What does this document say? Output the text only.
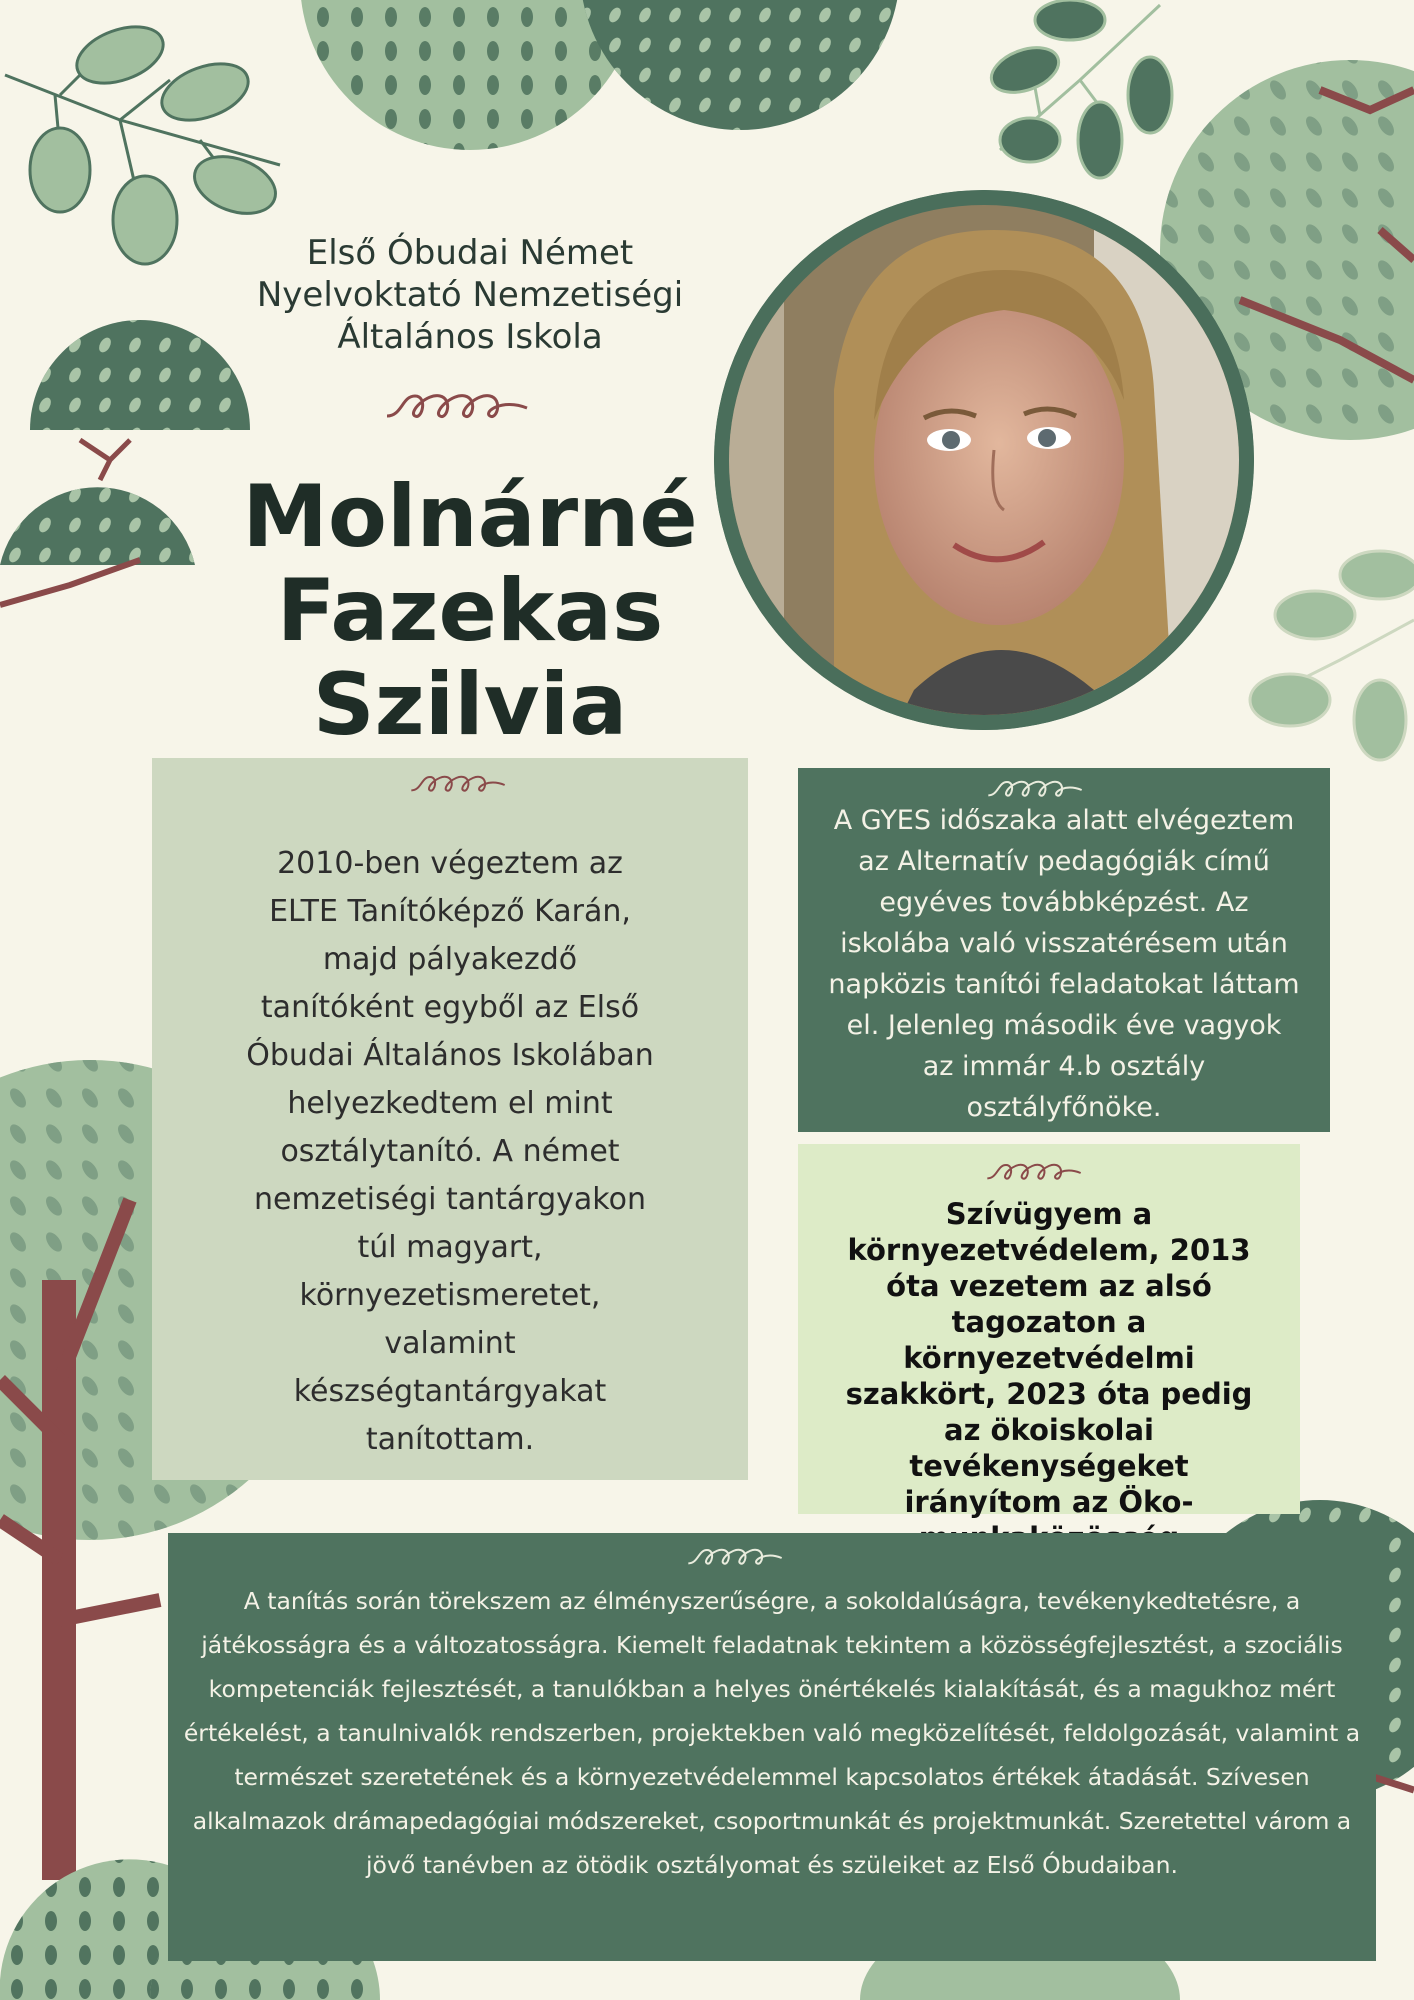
Első Óbudai Német Nyelvoktató Nemzetiségi Általános Iskola
Molnárné Fazekas Szilvia

2010-ben végeztem az ELTE Tanítóképző Karán, majd pályakezdő tanítóként egyből az Első Óbudai Általános Iskolában helyezkedtem el mint osztálytanító. A német nemzetiségi tantárgyakon túl magyart, környezetismeretet, valamint készségtantárgyakat tanítottam.

A GYES időszaka alatt elvégeztem az Alternatív pedagógiák című egyéves továbbképzést. Az iskolába való visszatérésem után napközis tanítói feladatokat láttam el. Jelenleg második éve vagyok az immár 4.b osztály osztályfőnöke.

Szívügyem a környezetvédelem, 2013 óta vezetem az alsó tagozaton a környezetvédelmi szakkört, 2023 óta pedig az ökoiskolai tevékenységeket irányítom az Öko-

A tanítás során törekszem az élményszerűségre, a sokoldalúságra, tevékenykedtetésre, a játékosságra és a változatosságra. Kiemelt feladatnak tekintem a közösségfejlesztést, a szociális kompetenciák fejlesztését, a tanulókban a helyes önértékelés kialakítását, és a magukhoz mért értékelést, a tanulnivalók rendszerben, projektekben való megközelítését, feldolgozását, valamint a természet szeretetének és a környezetvédelemmel kapcsolatos értékek átadását. Szívesen alkalmazok drámapedagógiai módszereket, csoportmunkát és projektmunkát. Szeretettel várom a jövő tanévben az ötödik osztályomat és szüleiket az Első Óbudaiban.
